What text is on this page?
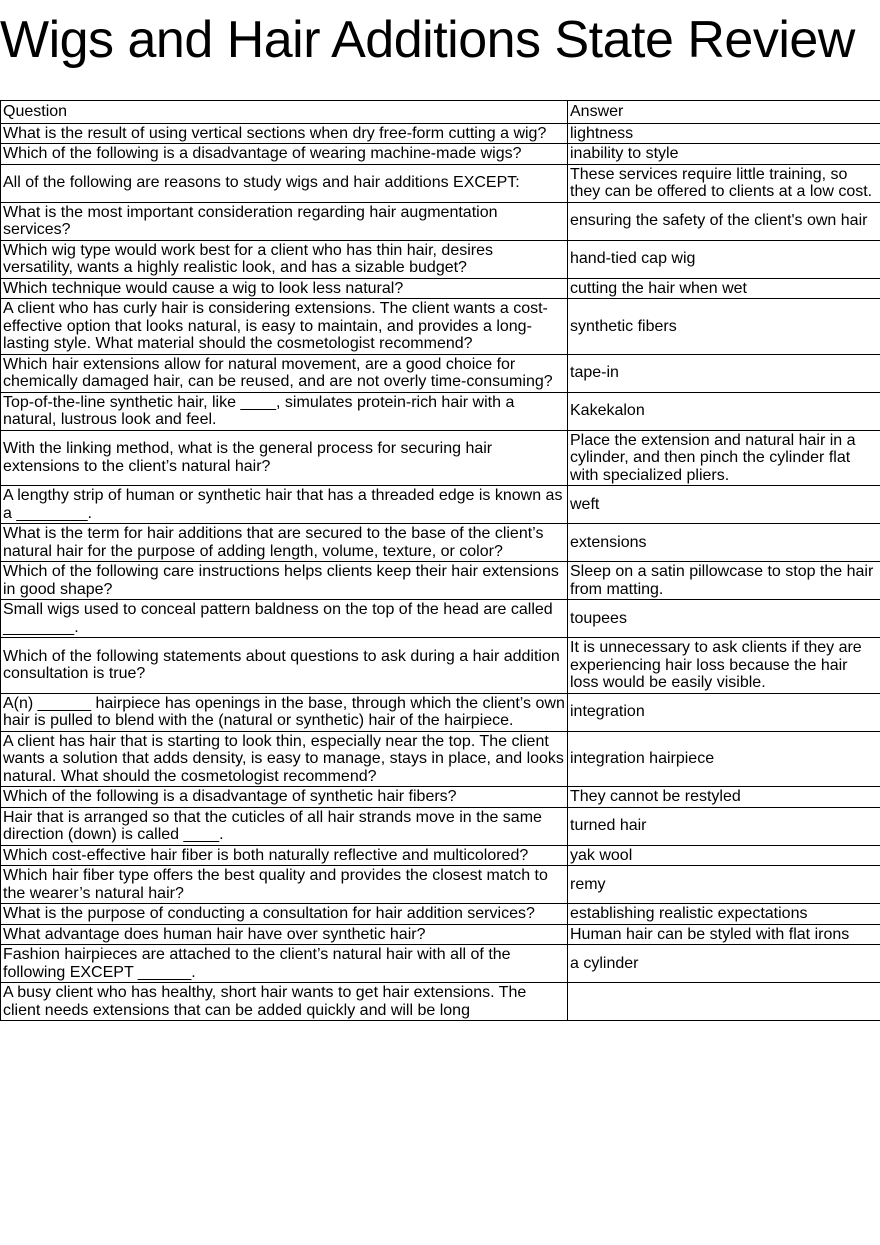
Wigs and Hair Additions State Review
Question	Answer
What is the result of using vertical sections when dry free-form cutting a wig?	lightness
Which of the following is a disadvantage of wearing machine-made wigs?	inability to style
All of the following are reasons to study wigs and hair additions EXCEPT:	These services require little training, so they can be offered to clients at a low cost.
What is the most important consideration regarding hair augmentation services?	ensuring the safety of the client's own hair
Which wig type would work best for a client who has thin hair, desires versatility, wants a highly realistic look, and has a sizable budget?	hand-tied cap wig
Which technique would cause a wig to look less natural?	cutting the hair when wet
A client who has curly hair is considering extensions. The client wants a cost-effective option that looks natural, is easy to maintain, and provides a long-lasting style. What material should the cosmetologist recommend?	synthetic fibers
Which hair extensions allow for natural movement, are a good choice for chemically damaged hair, can be reused, and are not overly time-consuming?	tape-in
Top-of-the-line synthetic hair, like ____, simulates protein-rich hair with a natural, lustrous look and feel.	Kakekalon
With the linking method, what is the general process for securing hair extensions to the client’s natural hair?	Place the extension and natural hair in a cylinder, and then pinch the cylinder flat with specialized pliers.
A lengthy strip of human or synthetic hair that has a threaded edge is known as a ________.	weft
What is the term for hair additions that are secured to the base of the client’s natural hair for the purpose of adding length, volume, texture, or color?	extensions
Which of the following care instructions helps clients keep their hair extensions in good shape?	Sleep on a satin pillowcase to stop the hair from matting.
Small wigs used to conceal pattern baldness on the top of the head are called ________.	toupees
Which of the following statements about questions to ask during a hair addition consultation is true?	It is unnecessary to ask clients if they are experiencing hair loss because the hair loss would be easily visible.
A(n) ______ hairpiece has openings in the base, through which the client’s own hair is pulled to blend with the (natural or synthetic) hair of the hairpiece.	integration
A client has hair that is starting to look thin, especially near the top. The client wants a solution that adds density, is easy to manage, stays in place, and looks natural. What should the cosmetologist recommend?	integration hairpiece
Which of the following is a disadvantage of synthetic hair fibers?	They cannot be restyled
Hair that is arranged so that the cuticles of all hair strands move in the same direction (down) is called ____.	turned hair
Which cost-effective hair fiber is both naturally reflective and multicolored?	yak wool
Which hair fiber type offers the best quality and provides the closest match to the wearer’s natural hair?	remy
What is the purpose of conducting a consultation for hair addition services?	establishing realistic expectations
What advantage does human hair have over synthetic hair?	Human hair can be styled with flat irons
Fashion hairpieces are attached to the client’s natural hair with all of the following EXCEPT ______.	a cylinder
A busy client who has healthy, short hair wants to get hair extensions. The client needs extensions that can be added quickly and will be long	
